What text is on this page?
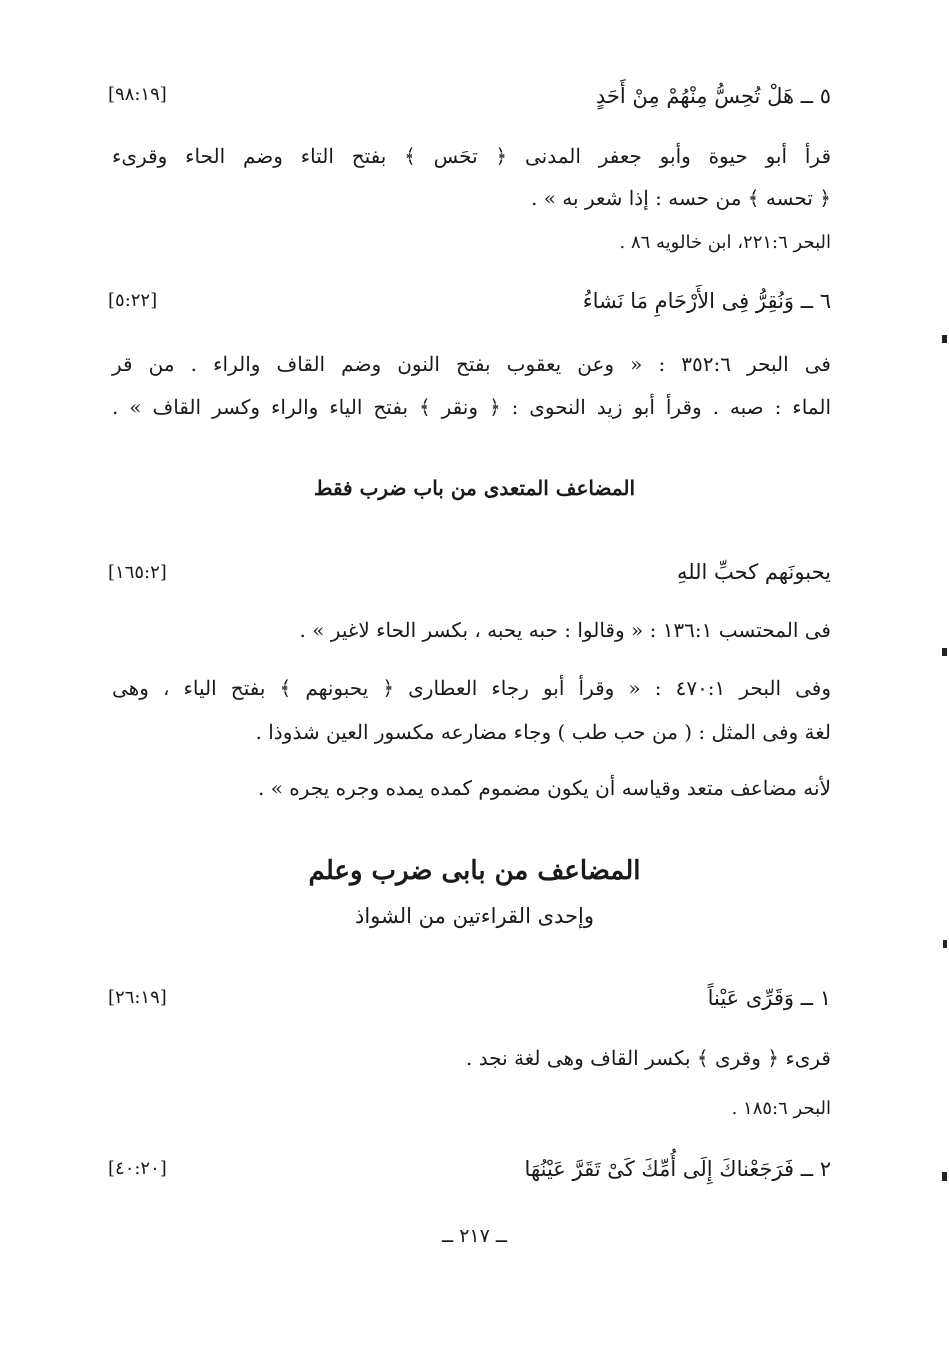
٥ ــ هَلْ تُحِسُّ مِنْهُمْ مِنْ أَحَدٍ
[٩٨:١٩]
قرأ أبو حيوة وأبو جعفر المدنى ﴿ تحَس ﴾ بفتح التاء وضم الحاء وقرىء
﴿ تحسه ﴾ من حسه : إذا شعر به » .
البحر ٢٢١:٦، ابن خالويه ٨٦ .
٦ ــ وَنُقِرُّ فِى الأَرْحَامِ مَا نَشاءُ
[٥:٢٢]
فى البحر ٣٥٢:٦ : « وعن يعقوب بفتح النون وضم القاف والراء . من قر
الماء : صبه . وقرأ أبو زيد النحوى : ﴿ ونقر ﴾ بفتح الياء والراء وكسر القاف » .
المضاعف المتعدى من باب ضرب فقط
يحبونَهم كحبِّ اللهِ
[١٦٥:٢]
فى المحتسب ١٣٦:١ : « وقالوا : حبه يحبه ، بكسر الحاء لاغير » .
وفى البحر ٤٧٠:١ : « وقرأ أبو رجاء العطارى ﴿ يحبونهم ﴾ بفتح الياء ، وهى
لغة وفى المثل : ( من حب طب ) وجاء مضارعه مكسور العين شذوذا .
لأنه مضاعف متعد وقياسه أن يكون مضموم كمده يمده وجره يجره » .
المضاعف من بابى ضرب وعلم
وإحدى القراءتين من الشواذ
١ ــ وَقَرِّى عَيْناً
[٢٦:١٩]
قرىء ﴿ وقرى ﴾ بكسر القاف وهى لغة نجد .
البحر ١٨٥:٦ .
٢ ــ فَرَجَعْناكَ إِلَى أُمِّكَ كَىْ تَقَرَّ عَيْنُهَا
[٤٠:٢٠]
ــ ٢١٧ ــ
